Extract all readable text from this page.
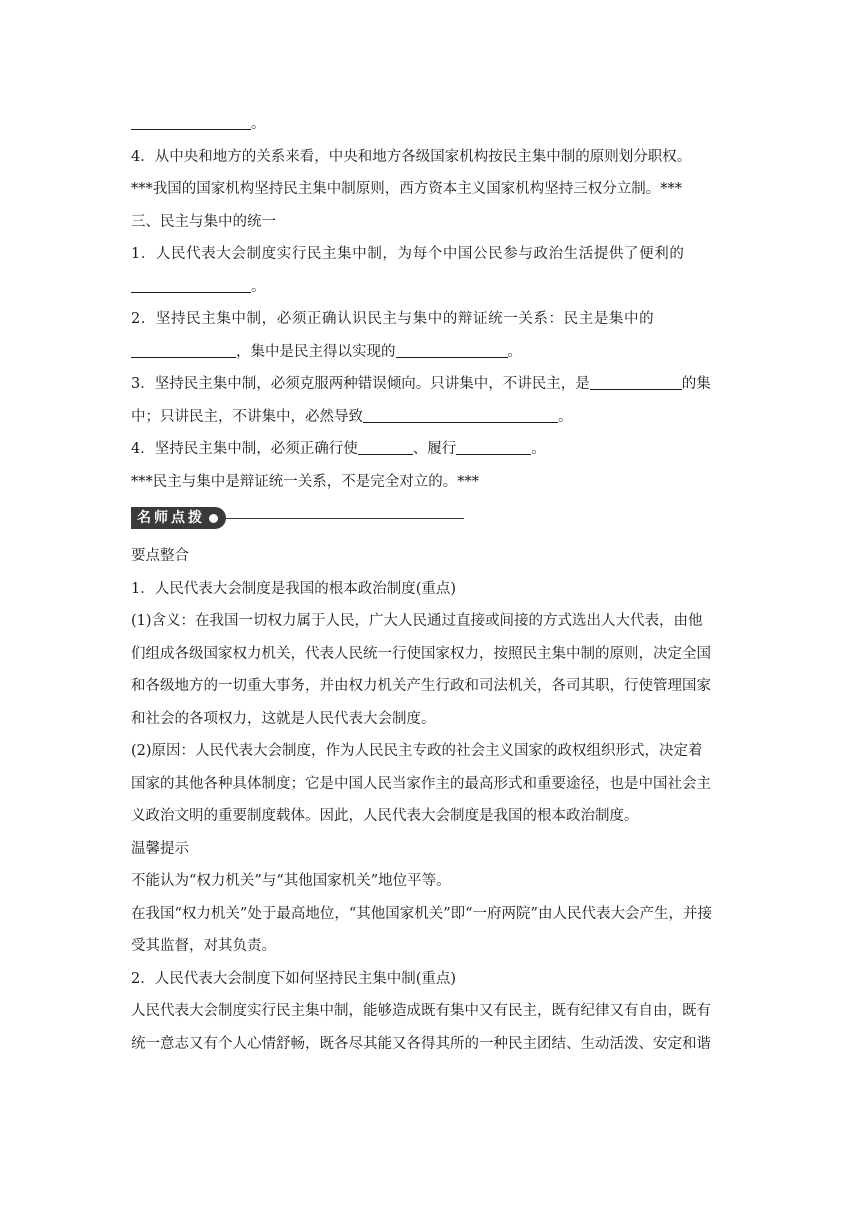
。
4．从中央和地方的关系来看，中央和地方各级国家机构按民主集中制的原则划分职权。
***我国的国家机构坚持民主集中制原则，西方资本主义国家机构坚持三权分立制。***
三、民主与集中的统一
1．人民代表大会制度实行民主集中制，为每个中国公民参与政治生活提供了便利的
。
2．坚持民主集中制，必须正确认识民主与集中的辩证统一关系：民主是集中的
，集中是民主得以实现的	。
3．坚持民主集中制，必须克服两种错误倾向。只讲集中，不讲民主，是	的集
中；只讲民主，不讲集中，必然导致	。
4．坚持民主集中制，必须正确行使	、履行	。
***民主与集中是辩证统一关系，不是完全对立的。***
名师点拨
要点整合
1．人民代表大会制度是我国的根本政治制度(重点)
(1)含义：在我国一切权力属于人民，广大人民通过直接或间接的方式选出人大代表，由他
们组成各级国家权力机关，代表人民统一行使国家权力，按照民主集中制的原则，决定全国
和各级地方的一切重大事务，并由权力机关产生行政和司法机关，各司其职，行使管理国家
和社会的各项权力，这就是人民代表大会制度。
(2)原因：人民代表大会制度，作为人民民主专政的社会主义国家的政权组织形式，决定着
国家的其他各种具体制度；它是中国人民当家作主的最高形式和重要途径，也是中国社会主
义政治文明的重要制度载体。因此，人民代表大会制度是我国的根本政治制度。
温馨提示
不能认为“权力机关”与“其他国家机关”地位平等。
在我国“权力机关”处于最高地位，“其他国家机关”即“一府两院”由人民代表大会产生，并接
受其监督，对其负责。
2．人民代表大会制度下如何坚持民主集中制(重点)
人民代表大会制度实行民主集中制，能够造成既有集中又有民主，既有纪律又有自由，既有
统一意志又有个人心情舒畅，既各尽其能又各得其所的一种民主团结、生动活泼、安定和谐
